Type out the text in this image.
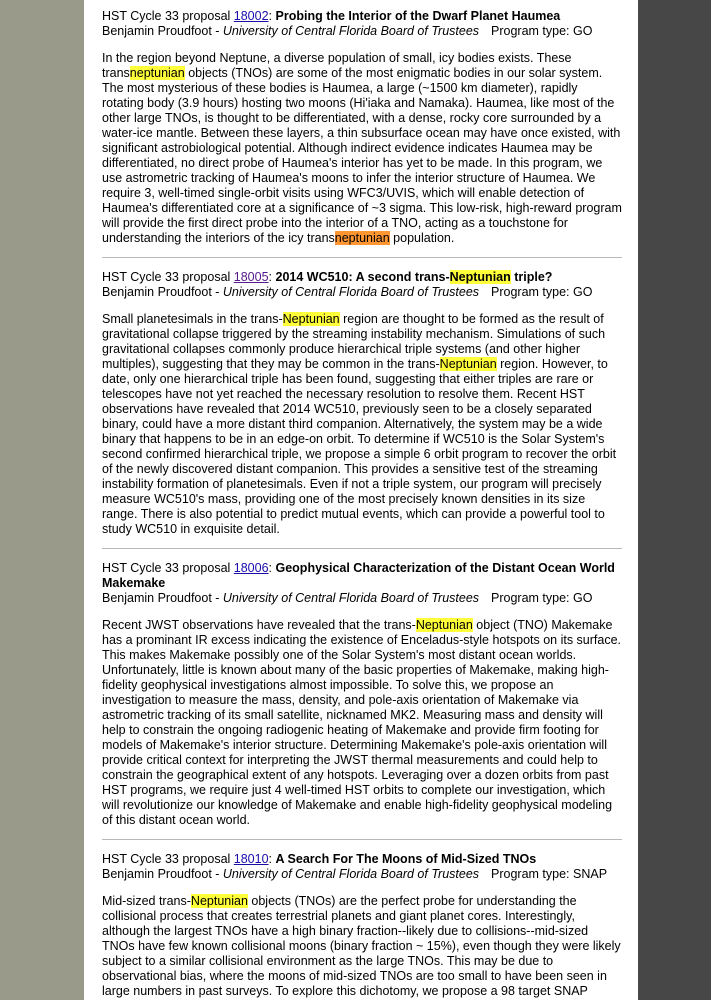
HST Cycle 33 proposal 18002: Probing the Interior of the Dwarf Planet Haumea
Benjamin Proudfoot - University of Central Florida Board of Trustees Program type: GO
In the region beyond Neptune, a diverse population of small, icy bodies exists. These transneptunian objects (TNOs) are some of the most enigmatic bodies in our solar system. The most mysterious of these bodies is Haumea, a large (~1500 km diameter), rapidly rotating body (3.9 hours) hosting two moons (Hi'iaka and Namaka). Haumea, like most of the other large TNOs, is thought to be differentiated, with a dense, rocky core surrounded by a water-ice mantle. Between these layers, a thin subsurface ocean may have once existed, with significant astrobiological potential. Although indirect evidence indicates Haumea may be differentiated, no direct probe of Haumea's interior has yet to be made. In this program, we use astrometric tracking of Haumea's moons to infer the interior structure of Haumea. We require 3, well-timed single-orbit visits using WFC3/UVIS, which will enable detection of Haumea's differentiated core at a significance of ~3 sigma. This low-risk, high-reward program will provide the first direct probe into the interior of a TNO, acting as a touchstone for understanding the interiors of the icy transneptunian population.
HST Cycle 33 proposal 18005: 2014 WC510: A second trans-Neptunian triple?
Benjamin Proudfoot - University of Central Florida Board of Trustees Program type: GO
Small planetesimals in the trans-Neptunian region are thought to be formed as the result of gravitational collapse triggered by the streaming instability mechanism. Simulations of such gravitational collapses commonly produce hierarchical triple systems (and other higher multiples), suggesting that they may be common in the trans-Neptunian region. However, to date, only one hierarchical triple has been found, suggesting that either triples are rare or telescopes have not yet reached the necessary resolution to resolve them. Recent HST observations have revealed that 2014 WC510, previously seen to be a closely separated binary, could have a more distant third companion. Alternatively, the system may be a wide binary that happens to be in an edge-on orbit. To determine if WC510 is the Solar System's second confirmed hierarchical triple, we propose a simple 6 orbit program to recover the orbit of the newly discovered distant companion. This provides a sensitive test of the streaming instability formation of planetesimals. Even if not a triple system, our program will precisely measure WC510's mass, providing one of the most precisely known densities in its size range. There is also potential to predict mutual events, which can provide a powerful tool to study WC510 in exquisite detail.
HST Cycle 33 proposal 18006: Geophysical Characterization of the Distant Ocean World Makemake
Benjamin Proudfoot - University of Central Florida Board of Trustees Program type: GO
Recent JWST observations have revealed that the trans-Neptunian object (TNO) Makemake has a prominant IR excess indicating the existence of Enceladus-style hotspots on its surface. This makes Makemake possibly one of the Solar System's most distant ocean worlds. Unfortunately, little is known about many of the basic properties of Makemake, making high-fidelity geophysical investigations almost impossible. To solve this, we propose an investigation to measure the mass, density, and pole-axis orientation of Makemake via astrometric tracking of its small satellite, nicknamed MK2. Measuring mass and density will help to constrain the ongoing radiogenic heating of Makemake and provide firm footing for models of Makemake's interior structure. Determining Makemake's pole-axis orientation will provide critical context for interpreting the JWST thermal measurements and could help to constrain the geographical extent of any hotspots. Leveraging over a dozen orbits from past HST programs, we require just 4 well-timed HST orbits to complete our investigation, which will revolutionize our knowledge of Makemake and enable high-fidelity geophysical modeling of this distant ocean world.
HST Cycle 33 proposal 18010: A Search For The Moons of Mid-Sized TNOs
Benjamin Proudfoot - University of Central Florida Board of Trustees Program type: SNAP
Mid-sized trans-Neptunian objects (TNOs) are the perfect probe for understanding the collisional process that creates terrestrial planets and giant planet cores. Interestingly, although the largest TNOs have a high binary fraction--likely due to collisions--mid-sized TNOs have few known collisional moons (binary fraction ~ 15%), even though they were likely subject to a similar collisional environment as the large TNOs. This may be due to observational bias, where the moons of mid-sized TNOs are too small to have been seen in large numbers in past surveys. To explore this dichotomy, we propose a 98 target SNAP
